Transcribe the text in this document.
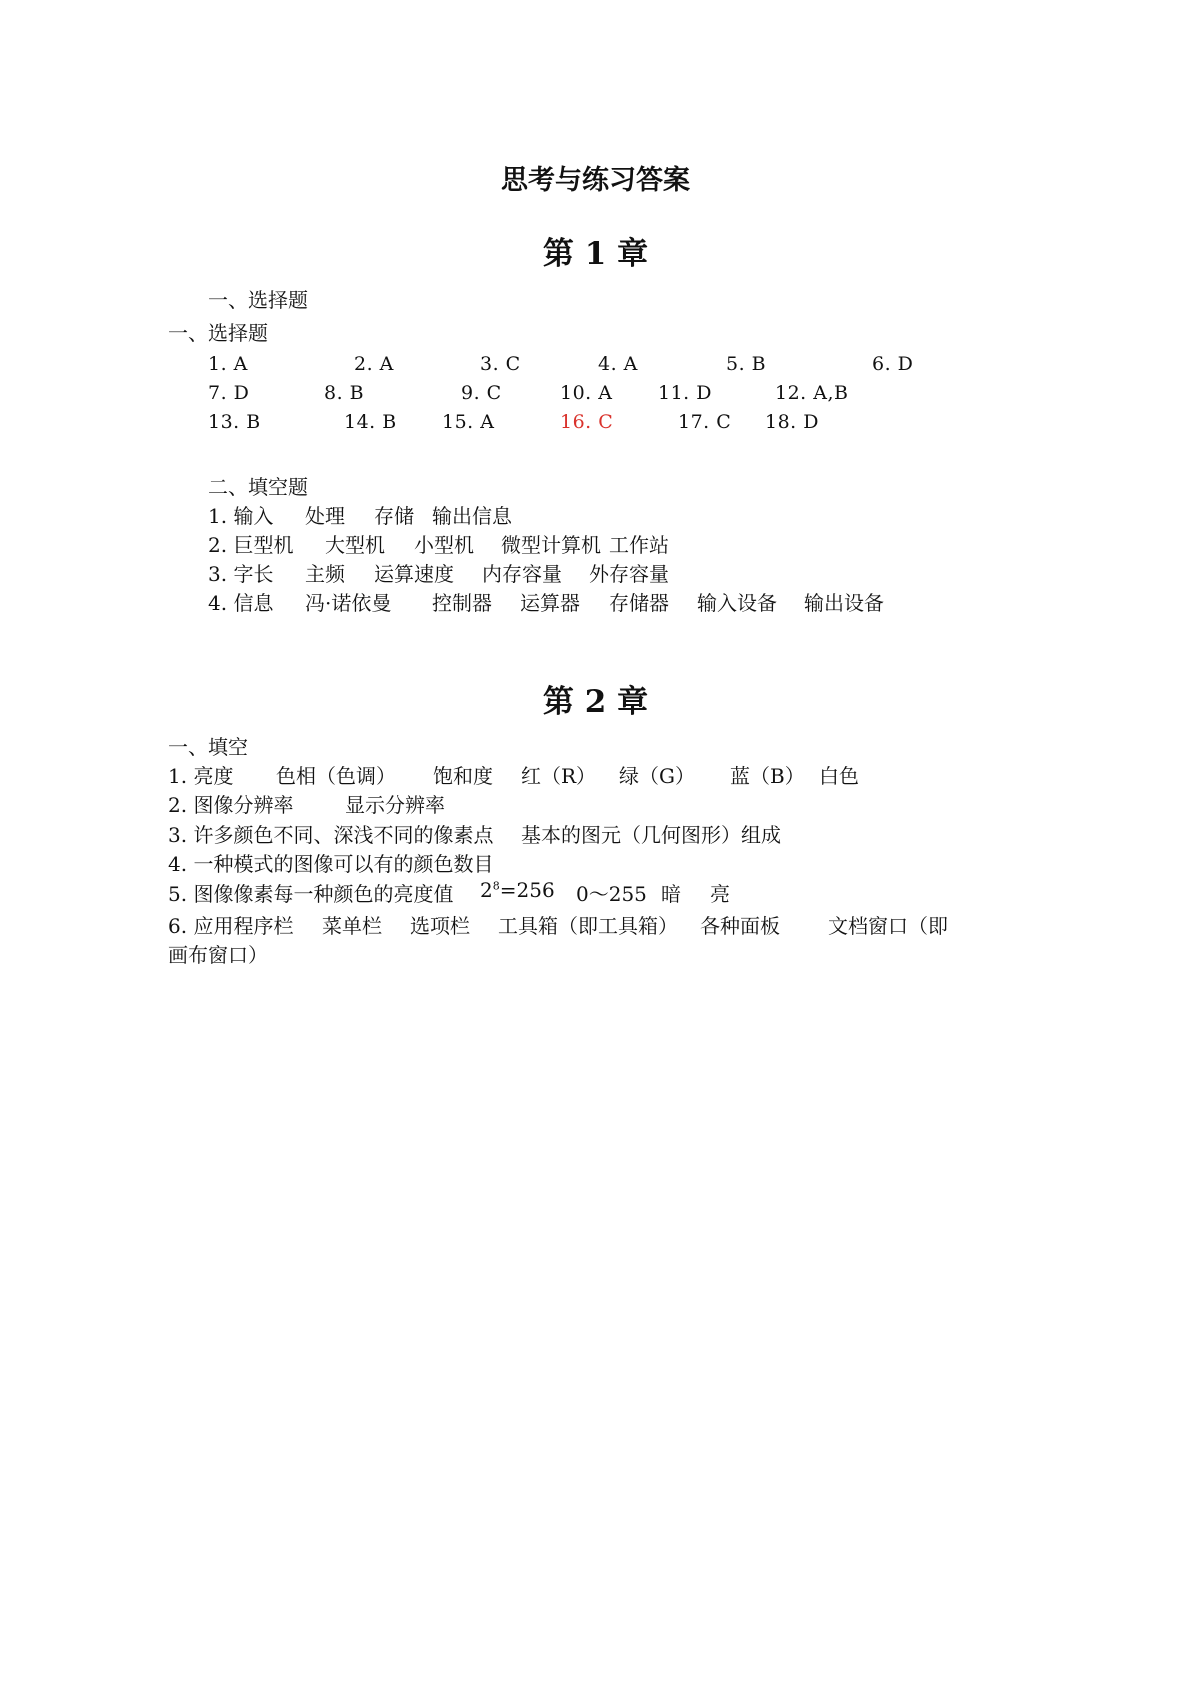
思考与练习答案
第 1 章
一、选择题
一、选择题
1. A	2. A	3. C	4. A	5. B	6. D
7. D	8. B	9. C	10. A 11. D	12. A,B
13. B	14. B 15. A	16. C	17. C 18. D
二、填空题
1. 输入 处理 存储 输出信息
2. 巨型机 大型机 小型机 微型计算机 工作站
3. 字长 主频 运算速度 内存容量 外存容量
4. 信息 冯·诺依曼 控制器 运算器 存储器 输入设备 输出设备
第 2 章
一、填空
1. 亮度 色相（色调） 饱和度 红（R） 绿（G） 蓝（B） 白色
2. 图像分辨率	显示分辨率
3. 许多颜色不同、深浅不同的像素点 基本的图元（几何图形）组成
4. 一种模式的图像可以有的颜色数目
5. 图像像素每一种颜色的亮度值 $2^8=256$ 0～255 暗 亮
6. 应用程序栏 菜单栏 选项栏 工具箱（即工具箱） 各种面板 文档窗口（即
画布窗口）
